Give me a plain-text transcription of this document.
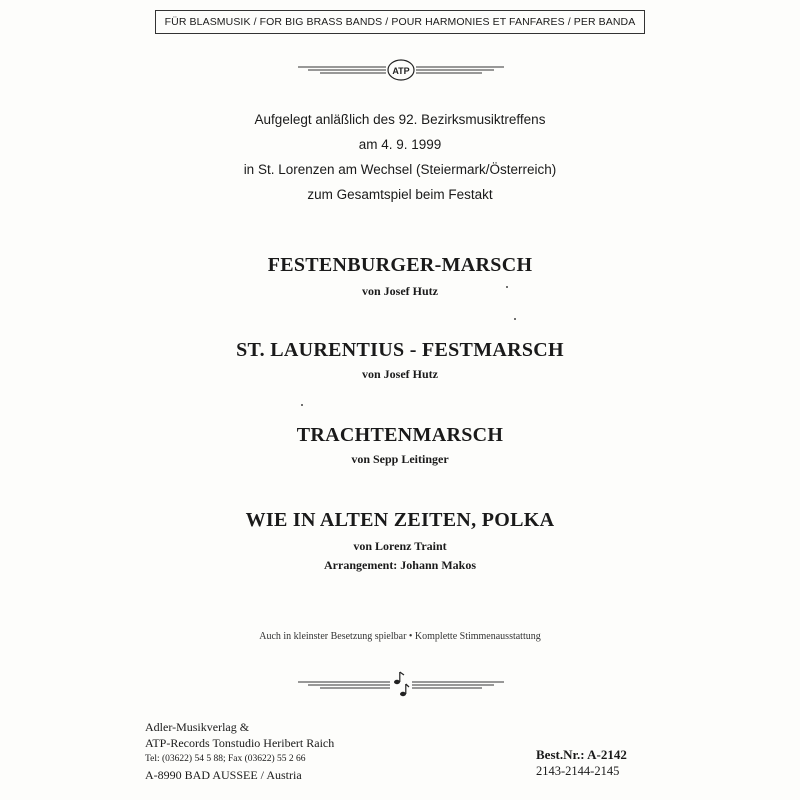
FÜR BLASMUSIK / FOR BIG BRASS BANDS / POUR HARMONIES ET FANFARES / PER BANDA
ATP
Aufgelegt anläßlich des 92. Bezirksmusiktreffens
am 4. 9. 1999
in St. Lorenzen am Wechsel (Steiermark/Österreich)
zum Gesamtspiel beim Festakt
FESTENBURGER-MARSCH
von Josef Hutz
ST. LAURENTIUS - FESTMARSCH
von Josef Hutz
TRACHTENMARSCH
von Sepp Leitinger
WIE IN ALTEN ZEITEN, POLKA
von Lorenz Traint
Arrangement: Johann Makos
Auch in kleinster Besetzung spielbar • Komplette Stimmenausstattung
Adler-Musikverlag &
ATP-Records Tonstudio Heribert Raich
Tel: (03622) 54 5 88; Fax (03622) 55 2 66
A-8990 BAD AUSSEE / Austria
Best.Nr.: A-2142
2143-2144-2145
